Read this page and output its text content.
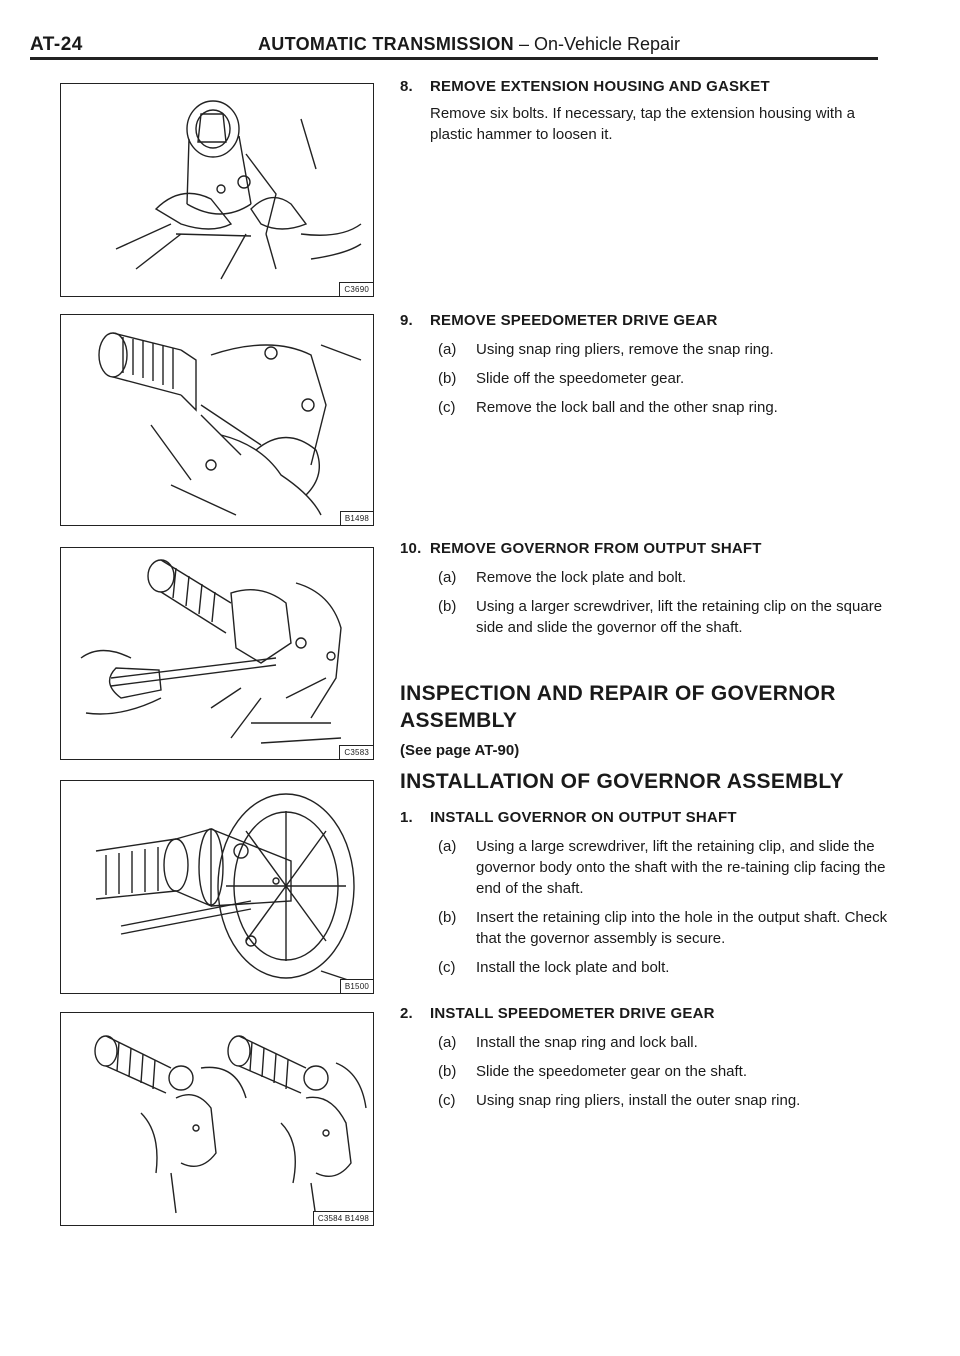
AT-24	AUTOMATIC TRANSMISSION – On-Vehicle Repair
C3690
B1498
C3583
B1500
C3584 B1498
8. REMOVE EXTENSION HOUSING AND GASKET
Remove six bolts. If necessary, tap the extension housing with a plastic hammer to loosen it.
9. REMOVE SPEEDOMETER DRIVE GEAR
(a) Using snap ring pliers, remove the snap ring.
(b) Slide off the speedometer gear.
(c) Remove the lock ball and the other snap ring.
10. REMOVE GOVERNOR FROM OUTPUT SHAFT
(a) Remove the lock plate and bolt.
(b) Using a larger screwdriver, lift the retaining clip on the square side and slide the governor off the shaft.
INSPECTION AND REPAIR OF GOVERNOR ASSEMBLY
(See page AT-90)
INSTALLATION OF GOVERNOR ASSEMBLY
1. INSTALL GOVERNOR ON OUTPUT SHAFT
(a) Using a large screwdriver, lift the retaining clip, and slide the governor body onto the shaft with the re-taining clip facing the end of the shaft.
(b) Insert the retaining clip into the hole in the output shaft. Check that the governor assembly is secure.
(c) Install the lock plate and bolt.
2. INSTALL SPEEDOMETER DRIVE GEAR
(a) Install the snap ring and lock ball.
(b) Slide the speedometer gear on the shaft.
(c) Using snap ring pliers, install the outer snap ring.
